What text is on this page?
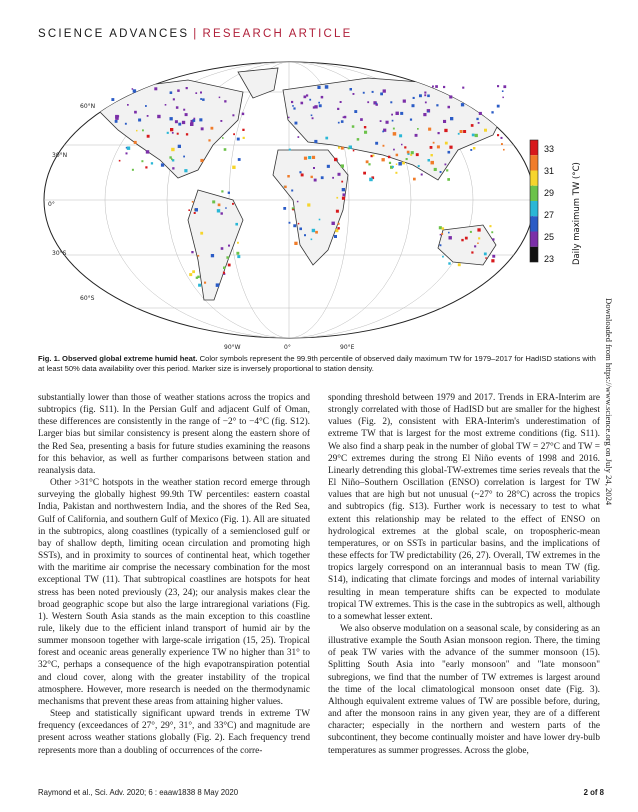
SCIENCE ADVANCES | RESEARCH ARTICLE
60°N
30°N
0°
30°S
60°S
90°W	0°	90°E
33
31
29
27
25
23 Daily maximum TW (°C)
Fig. 1. Observed global extreme humid heat. Color symbols represent the 99.9th percentile of observed daily maximum TW for 1979–2017 for HadISD stations with at least 50% data availability over this period. Marker size is inversely proportional to station density.

substantially lower than those of weather stations across the tropics and subtropics (fig. S11). In the Persian Gulf and adjacent Gulf of Oman, these differences are consistently in the range of −2° to −4°C (fig. S12). Larger bias but similar consistency is present along the eastern shore of the Red Sea, presenting a basis for future studies examining the reasons for this behavior, as well as further comparisons between station and reanalysis data.

Other >31°C hotspots in the weather station record emerge through surveying the globally highest 99.9th TW percentiles: eastern coastal India, Pakistan and northwestern India, and the shores of the Red Sea, Gulf of California, and southern Gulf of Mexico (Fig. 1). All are situated in the subtropics, along coastlines (typically of a semienclosed gulf or bay of shallow depth, limiting ocean circulation and promoting high SSTs), and in proximity to sources of continental heat, which together with the maritime air comprise the necessary combination for the most exceptional TW (11). That subtropical coastlines are hotspots for heat stress has been noted previously (23, 24); our analysis makes clear the broad geographic scope but also the large intraregional variations (Fig. 1). Western South Asia stands as the main exception to this coastline rule, likely due to the efficient inland transport of humid air by the summer monsoon together with large-scale irrigation (15, 25). Tropical forest and oceanic areas generally experience TW no higher than 31° to 32°C, perhaps a consequence of the high evapotranspiration potential and cloud cover, along with the greater instability of the tropical atmosphere. However, more research is needed on the thermodynamic mechanisms that prevent these areas from attaining higher values.

Steep and statistically significant upward trends in extreme TW frequency (exceedances of 27°, 29°, 31°, and 33°C) and magnitude are present across weather stations globally (Fig. 2). Each frequency trend represents more than a doubling of occurrences of the corre-

sponding threshold between 1979 and 2017. Trends in ERA-Interim are strongly correlated with those of HadISD but are smaller for the highest values (Fig. 2), consistent with ERA-Interim's underestimation of extreme TW that is largest for the most extreme conditions (fig. S11). We also find a sharp peak in the number of global TW = 27°C and TW = 29°C extremes during the strong El Niño events of 1998 and 2016. Linearly detrending this global-TW-extremes time series reveals that the El Niño–Southern Oscillation (ENSO) correlation is largest for TW values that are high but not unusual (~27° to 28°C) across the tropics and subtropics (fig. S13). Further work is necessary to test to what extent this relationship may be related to the effect of ENSO on hydrological extremes at the global scale, on tropospheric-mean temperatures, or on SSTs in particular basins, and the implications of these effects for TW predictability (26, 27). Overall, TW extremes in the tropics largely correspond on an interannual basis to mean TW (fig. S14), indicating that climate forcings and modes of internal variability resulting in mean temperature shifts can be expected to modulate tropical TW extremes. This is the case in the subtropics as well, although to a somewhat lesser extent.

We also observe modulation on a seasonal scale, by considering as an illustrative example the South Asian monsoon region. There, the timing of peak TW varies with the advance of the summer monsoon (15). Splitting South Asia into "early monsoon" and "late monsoon" subregions, we find that the number of TW extremes is largest around the time of the local climatological monsoon onset date (Fig. 3). Although equivalent extreme values of TW are possible before, during, and after the monsoon rains in any given year, they are of a different character; especially in the northern and western parts of the subcontinent, they become continually moister and have lower dry-bulb temperatures as summer progresses. Across the globe,

Raymond et al., Sci. Adv. 2020; 6 : eaaw1838 8 May 2020	2 of 8
Downloaded from https://www.science.org on July 24, 2024
